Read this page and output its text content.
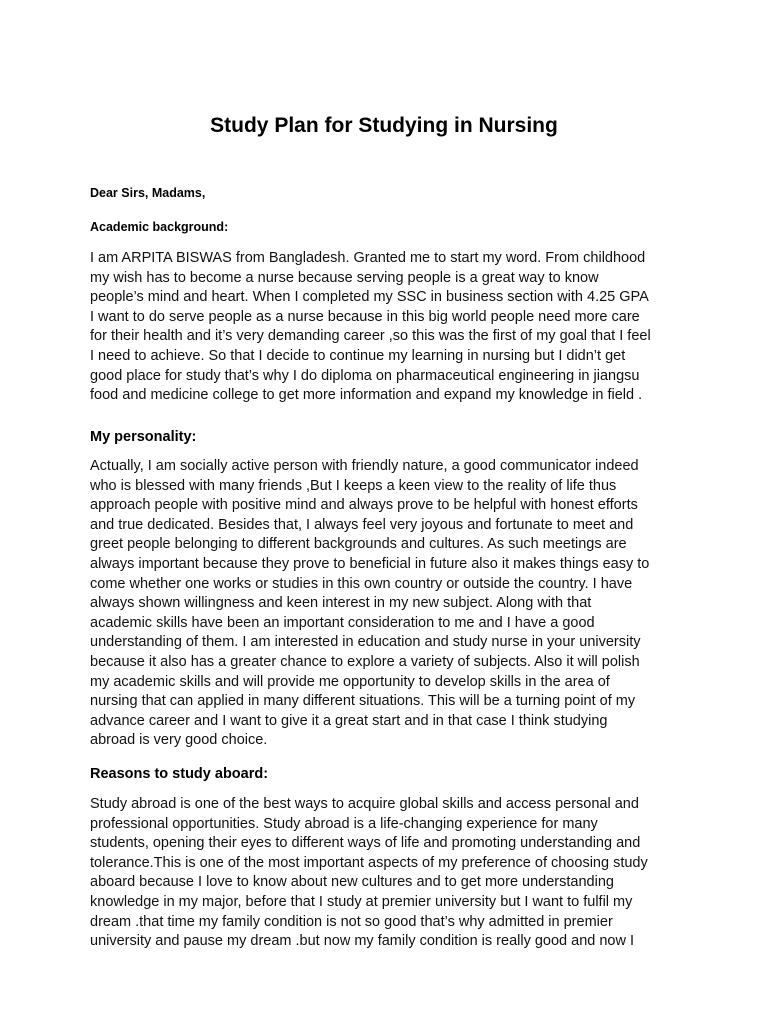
Study Plan for Studying in Nursing
Dear Sirs, Madams,
Academic background:
I am ARPITA BISWAS from Bangladesh. Granted me to start my word. From childhood
my wish has to become a nurse because serving people is a great way to know
people’s mind and heart. When I completed my SSC in business section with 4.25 GPA
I want to do serve people as a nurse because in this big world people need more care
for their health and it’s very demanding career ,so this was the first of my goal that I feel
I need to achieve. So that I decide to continue my learning in nursing but I didn’t get
good place for study that’s why I do diploma on pharmaceutical engineering in jiangsu
food and medicine college to get more information and expand my knowledge in field .
My personality:
Actually, I am socially active person with friendly nature, a good communicator indeed
who is blessed with many friends ,But I keeps a keen view to the reality of life thus
approach people with positive mind and always prove to be helpful with honest efforts
and true dedicated. Besides that, I always feel very joyous and fortunate to meet and
greet people belonging to different backgrounds and cultures. As such meetings are
always important because they prove to beneficial in future also it makes things easy to
come whether one works or studies in this own country or outside the country. I have
always shown willingness and keen interest in my new subject. Along with that
academic skills have been an important consideration to me and I have a good
understanding of them. I am interested in education and study nurse in your university
because it also has a greater chance to explore a variety of subjects. Also it will polish
my academic skills and will provide me opportunity to develop skills in the area of
nursing that can applied in many different situations. This will be a turning point of my
advance career and I want to give it a great start and in that case I think studying
abroad is very good choice.
Reasons to study aboard:
Study abroad is one of the best ways to acquire global skills and access personal and
professional opportunities. Study abroad is a life-changing experience for many
students, opening their eyes to different ways of life and promoting understanding and
tolerance.This is one of the most important aspects of my preference of choosing study
aboard because I love to know about new cultures and to get more understanding
knowledge in my major, before that I study at premier university but I want to fulfil my
dream .that time my family condition is not so good that’s why admitted in premier
university and pause my dream .but now my family condition is really good and now I
